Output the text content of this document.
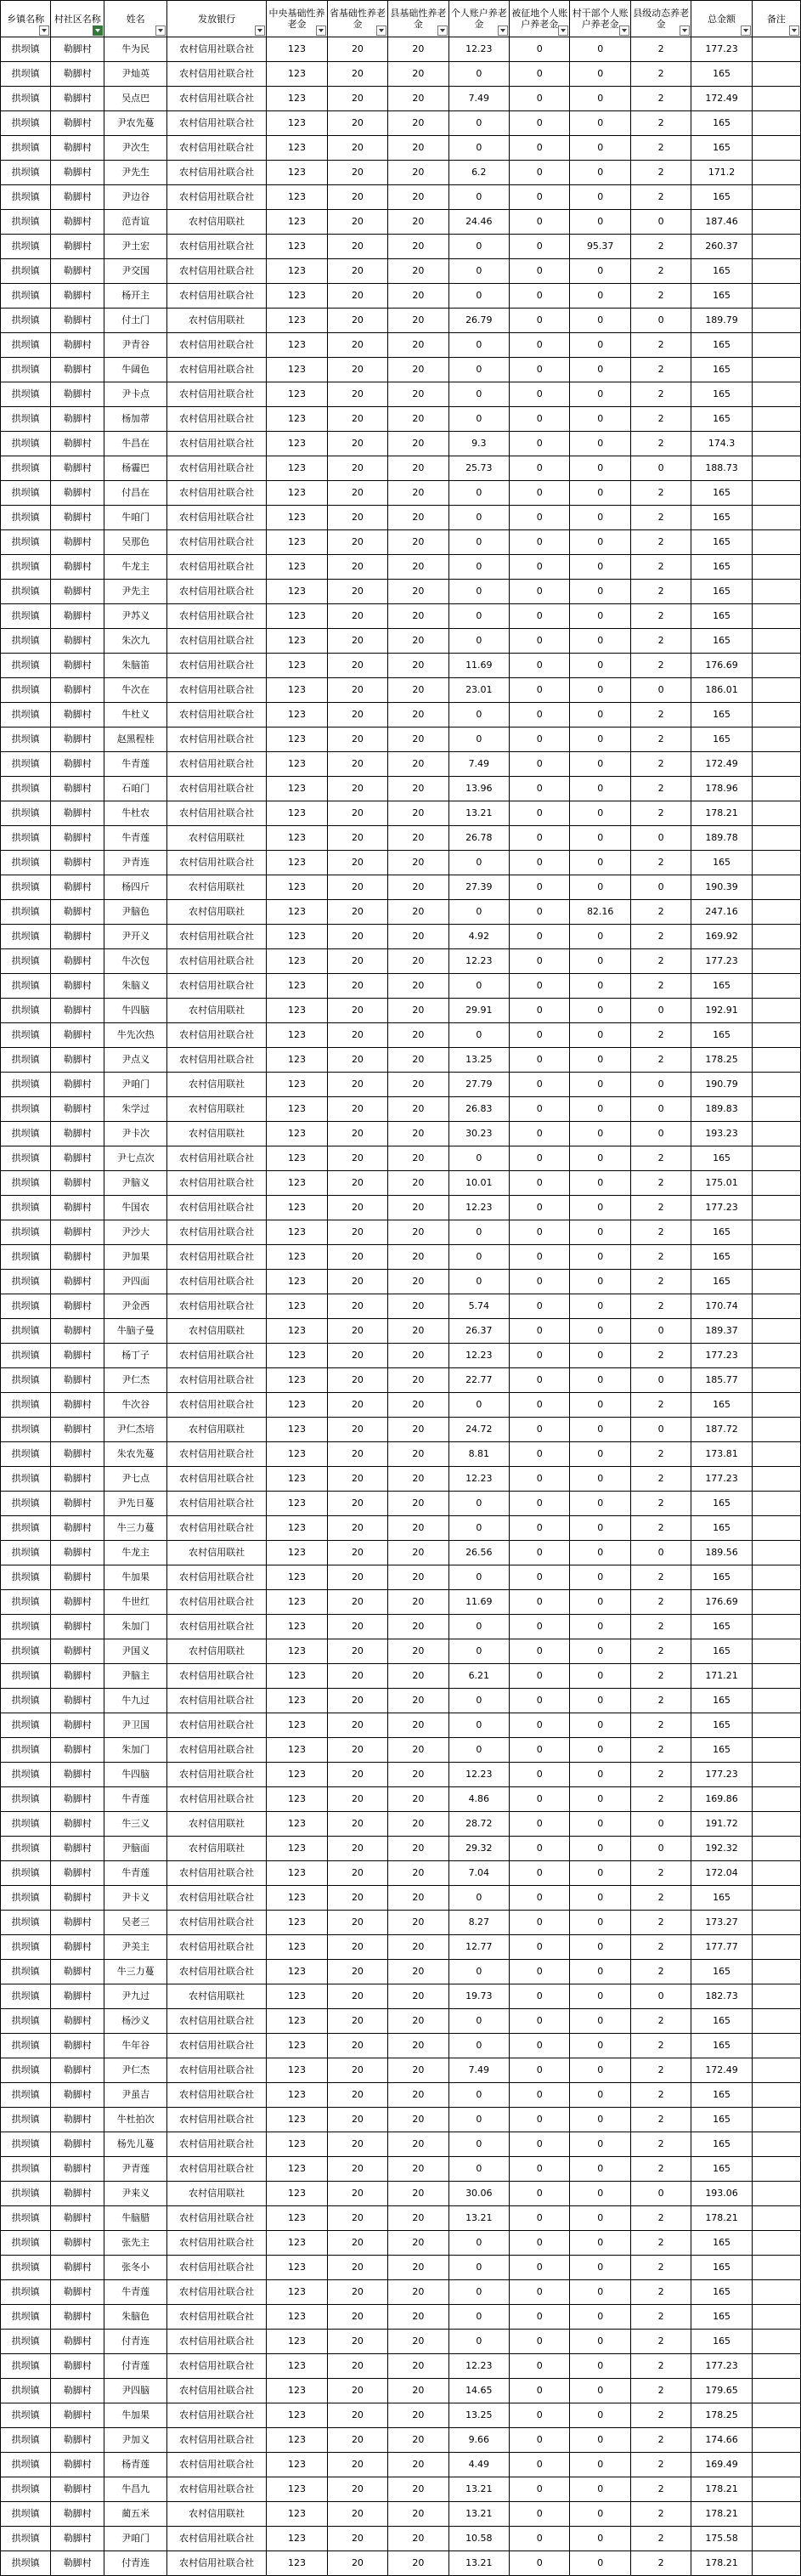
乡镇名称	村社区名称	姓名	发放银行	中央基础性养老金	省基础性养老金	县基础性养老金	个人账户养老金	被征地个人账户养老金	村干部个人账户养老金	县级动态养老金	总金额	备注

拱坝镇	勒脚村	牛为民	农村信用社联合社	123	20	20	12.23	0	0	2	177.23	
拱坝镇	勒脚村	尹灿英	农村信用社联合社	123	20	20	0	0	0	2	165	
拱坝镇	勒脚村	吴点巴	农村信用社联合社	123	20	20	7.49	0	0	2	172.49	
拱坝镇	勒脚村	尹农先蔓	农村信用社联合社	123	20	20	0	0	0	2	165	
拱坝镇	勒脚村	尹次生	农村信用社联合社	123	20	20	0	0	0	2	165	
拱坝镇	勒脚村	尹先生	农村信用社联合社	123	20	20	6.2	0	0	2	171.2	
拱坝镇	勒脚村	尹边谷	农村信用社联合社	123	20	20	0	0	0	2	165	
拱坝镇	勒脚村	范青谊	农村信用联社	123	20	20	24.46	0	0	0	187.46	
拱坝镇	勒脚村	尹土宏	农村信用社联合社	123	20	20	0	0	95.37	2	260.37	
拱坝镇	勒脚村	尹交国	农村信用社联合社	123	20	20	0	0	0	2	165	
拱坝镇	勒脚村	杨开主	农村信用社联合社	123	20	20	0	0	0	2	165	
拱坝镇	勒脚村	付土门	农村信用联社	123	20	20	26.79	0	0	0	189.79	
拱坝镇	勒脚村	尹青谷	农村信用社联合社	123	20	20	0	0	0	2	165	
拱坝镇	勒脚村	牛阔色	农村信用社联合社	123	20	20	0	0	0	2	165	
拱坝镇	勒脚村	尹卡点	农村信用社联合社	123	20	20	0	0	0	2	165	
拱坝镇	勒脚村	杨加蒂	农村信用社联合社	123	20	20	0	0	0	2	165	
拱坝镇	勒脚村	牛昌在	农村信用社联合社	123	20	20	9.3	0	0	2	174.3	
拱坝镇	勒脚村	杨霾巴	农村信用社联合社	123	20	20	25.73	0	0	0	188.73	
拱坝镇	勒脚村	付昌在	农村信用社联合社	123	20	20	0	0	0	2	165	
拱坝镇	勒脚村	牛咱门	农村信用社联合社	123	20	20	0	0	0	2	165	
拱坝镇	勒脚村	吴那色	农村信用社联合社	123	20	20	0	0	0	2	165	
拱坝镇	勒脚村	牛龙主	农村信用社联合社	123	20	20	0	0	0	2	165	
拱坝镇	勒脚村	尹先主	农村信用社联合社	123	20	20	0	0	0	2	165	
拱坝镇	勒脚村	尹苏义	农村信用社联合社	123	20	20	0	0	0	2	165	
拱坝镇	勒脚村	朱次九	农村信用社联合社	123	20	20	0	0	0	2	165	
拱坝镇	勒脚村	朱脑笛	农村信用社联合社	123	20	20	11.69	0	0	2	176.69	
拱坝镇	勒脚村	牛次在	农村信用社联合社	123	20	20	23.01	0	0	0	186.01	
拱坝镇	勒脚村	牛杜义	农村信用社联合社	123	20	20	0	0	0	2	165	
拱坝镇	勒脚村	赵黑程桂	农村信用社联合社	123	20	20	0	0	0	2	165	
拱坝镇	勒脚村	牛青莲	农村信用社联合社	123	20	20	7.49	0	0	2	172.49	
拱坝镇	勒脚村	石咱门	农村信用社联合社	123	20	20	13.96	0	0	2	178.96	
拱坝镇	勒脚村	牛杜农	农村信用社联合社	123	20	20	13.21	0	0	2	178.21	
拱坝镇	勒脚村	牛青莲	农村信用联社	123	20	20	26.78	0	0	0	189.78	
拱坝镇	勒脚村	尹青连	农村信用社联合社	123	20	20	0	0	0	2	165	
拱坝镇	勒脚村	杨四斤	农村信用联社	123	20	20	27.39	0	0	0	190.39	
拱坝镇	勒脚村	尹脑色	农村信用联社	123	20	20	0	0	82.16	2	247.16	
拱坝镇	勒脚村	尹开义	农村信用社联合社	123	20	20	4.92	0	0	2	169.92	
拱坝镇	勒脚村	牛次包	农村信用社联合社	123	20	20	12.23	0	0	2	177.23	
拱坝镇	勒脚村	朱脑义	农村信用社联合社	123	20	20	0	0	0	2	165	
拱坝镇	勒脚村	牛四脑	农村信用联社	123	20	20	29.91	0	0	0	192.91	
拱坝镇	勒脚村	牛先次热	农村信用社联合社	123	20	20	0	0	0	2	165	
拱坝镇	勒脚村	尹点义	农村信用社联合社	123	20	20	13.25	0	0	2	178.25	
拱坝镇	勒脚村	尹咱门	农村信用联社	123	20	20	27.79	0	0	0	190.79	
拱坝镇	勒脚村	朱学过	农村信用联社	123	20	20	26.83	0	0	0	189.83	
拱坝镇	勒脚村	尹卡次	农村信用联社	123	20	20	30.23	0	0	0	193.23	
拱坝镇	勒脚村	尹七点次	农村信用社联合社	123	20	20	0	0	0	2	165	
拱坝镇	勒脚村	尹脑义	农村信用社联合社	123	20	20	10.01	0	0	2	175.01	
拱坝镇	勒脚村	牛国农	农村信用社联合社	123	20	20	12.23	0	0	2	177.23	
拱坝镇	勒脚村	尹沙大	农村信用社联合社	123	20	20	0	0	0	2	165	
拱坝镇	勒脚村	尹加果	农村信用社联合社	123	20	20	0	0	0	2	165	
拱坝镇	勒脚村	尹四面	农村信用社联合社	123	20	20	0	0	0	2	165	
拱坝镇	勒脚村	尹金西	农村信用社联合社	123	20	20	5.74	0	0	2	170.74	
拱坝镇	勒脚村	牛脑子曼	农村信用联社	123	20	20	26.37	0	0	0	189.37	
拱坝镇	勒脚村	杨丁子	农村信用社联合社	123	20	20	12.23	0	0	2	177.23	
拱坝镇	勒脚村	尹仁杰	农村信用社联合社	123	20	20	22.77	0	0	0	185.77	
拱坝镇	勒脚村	牛次谷	农村信用社联合社	123	20	20	0	0	0	2	165	
拱坝镇	勒脚村	尹仁杰培	农村信用联社	123	20	20	24.72	0	0	0	187.72	
拱坝镇	勒脚村	朱农先蔓	农村信用社联合社	123	20	20	8.81	0	0	2	173.81	
拱坝镇	勒脚村	尹七点	农村信用社联合社	123	20	20	12.23	0	0	2	177.23	
拱坝镇	勒脚村	尹先日蔓	农村信用社联合社	123	20	20	0	0	0	2	165	
拱坝镇	勒脚村	牛三力蔓	农村信用社联合社	123	20	20	0	0	0	2	165	
拱坝镇	勒脚村	牛龙主	农村信用联社	123	20	20	26.56	0	0	0	189.56	
拱坝镇	勒脚村	牛加果	农村信用社联合社	123	20	20	0	0	0	2	165	
拱坝镇	勒脚村	牛世红	农村信用社联合社	123	20	20	11.69	0	0	2	176.69	
拱坝镇	勒脚村	朱加门	农村信用社联合社	123	20	20	0	0	0	2	165	
拱坝镇	勒脚村	尹国义	农村信用联社	123	20	20	0	0	0	2	165	
拱坝镇	勒脚村	尹脑主	农村信用社联合社	123	20	20	6.21	0	0	2	171.21	
拱坝镇	勒脚村	牛九过	农村信用社联合社	123	20	20	0	0	0	2	165	
拱坝镇	勒脚村	尹卫国	农村信用社联合社	123	20	20	0	0	0	2	165	
拱坝镇	勒脚村	朱加门	农村信用社联合社	123	20	20	0	0	0	2	165	
拱坝镇	勒脚村	牛四脑	农村信用社联合社	123	20	20	12.23	0	0	2	177.23	
拱坝镇	勒脚村	牛青莲	农村信用社联合社	123	20	20	4.86	0	0	2	169.86	
拱坝镇	勒脚村	牛三义	农村信用联社	123	20	20	28.72	0	0	0	191.72	
拱坝镇	勒脚村	尹脑面	农村信用联社	123	20	20	29.32	0	0	0	192.32	
拱坝镇	勒脚村	牛青莲	农村信用社联合社	123	20	20	7.04	0	0	2	172.04	
拱坝镇	勒脚村	尹卡义	农村信用社联合社	123	20	20	0	0	0	2	165	
拱坝镇	勒脚村	吴老三	农村信用社联合社	123	20	20	8.27	0	0	2	173.27	
拱坝镇	勒脚村	尹美主	农村信用社联合社	123	20	20	12.77	0	0	2	177.77	
拱坝镇	勒脚村	牛三力蔓	农村信用社联合社	123	20	20	0	0	0	2	165	
拱坝镇	勒脚村	尹九过	农村信用联社	123	20	20	19.73	0	0	0	182.73	
拱坝镇	勒脚村	杨沙义	农村信用社联合社	123	20	20	0	0	0	2	165	
拱坝镇	勒脚村	牛年谷	农村信用社联合社	123	20	20	0	0	0	2	165	
拱坝镇	勒脚村	尹仁杰	农村信用社联合社	123	20	20	7.49	0	0	2	172.49	
拱坝镇	勒脚村	尹虽吉	农村信用社联合社	123	20	20	0	0	0	2	165	
拱坝镇	勒脚村	牛杜拍次	农村信用社联合社	123	20	20	0	0	0	2	165	
拱坝镇	勒脚村	杨先儿蔓	农村信用社联合社	123	20	20	0	0	0	2	165	
拱坝镇	勒脚村	尹青莲	农村信用社联合社	123	20	20	0	0	0	2	165	
拱坝镇	勒脚村	尹来义	农村信用联社	123	20	20	30.06	0	0	0	193.06	
拱坝镇	勒脚村	牛脑腊	农村信用社联合社	123	20	20	13.21	0	0	2	178.21	
拱坝镇	勒脚村	张先主	农村信用社联合社	123	20	20	0	0	0	2	165	
拱坝镇	勒脚村	张冬小	农村信用社联合社	123	20	20	0	0	0	2	165	
拱坝镇	勒脚村	牛青莲	农村信用社联合社	123	20	20	0	0	0	2	165	
拱坝镇	勒脚村	朱脑色	农村信用社联合社	123	20	20	0	0	0	2	165	
拱坝镇	勒脚村	付青连	农村信用社联合社	123	20	20	0	0	0	2	165	
拱坝镇	勒脚村	付青莲	农村信用社联合社	123	20	20	12.23	0	0	2	177.23	
拱坝镇	勒脚村	尹四脑	农村信用社联合社	123	20	20	14.65	0	0	2	179.65	
拱坝镇	勒脚村	牛加果	农村信用社联合社	123	20	20	13.25	0	0	2	178.25	
拱坝镇	勒脚村	尹加义	农村信用社联合社	123	20	20	9.66	0	0	2	174.66	
拱坝镇	勒脚村	杨青莲	农村信用社联合社	123	20	20	4.49	0	0	2	169.49	
拱坝镇	勒脚村	牛昌九	农村信用社联合社	123	20	20	13.21	0	0	2	178.21	
拱坝镇	勒脚村	蔺五米	农村信用联社	123	20	20	13.21	0	0	2	178.21	
拱坝镇	勒脚村	尹咱门	农村信用社联合社	123	20	20	10.58	0	0	2	175.58	
拱坝镇	勒脚村	付青连	农村信用社联合社	123	20	20	13.21	0	0	2	178.21	
